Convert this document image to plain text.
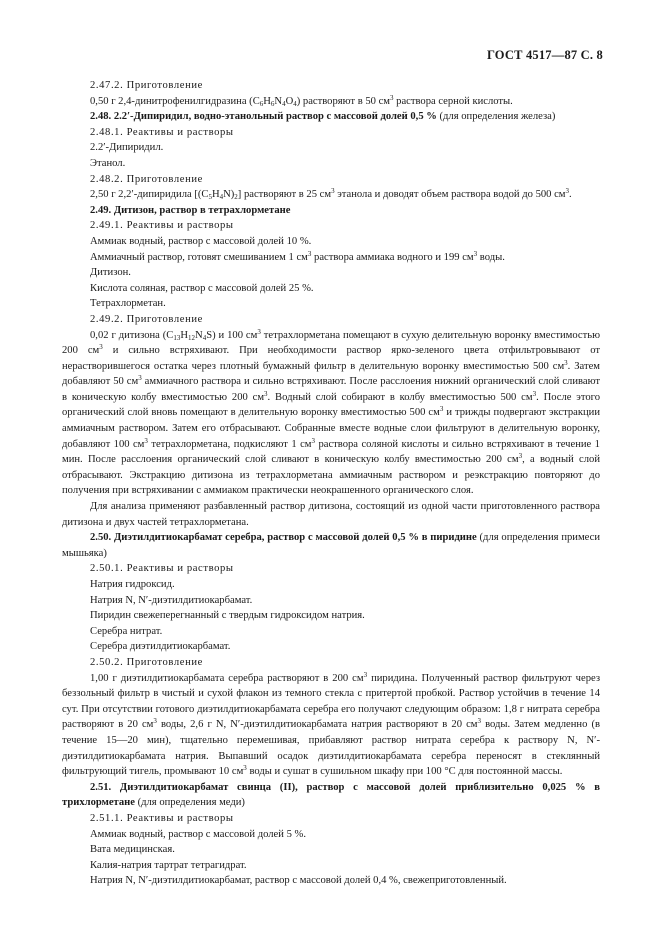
ГОСТ 4517—87 С. 8

2.47.2. Приготовление

0,50 г 2,4-динитрофенилгидразина $(C_6H_6N_4O_4)$ растворяют в 50 $см^3$ раствора серной кислоты.

2.48. 2.2′-Дипиридил, водно-этанольный раствор с массовой долей 0,5 % (для определения железа)

2.48.1. Реактивы и растворы

2.2′-Дипиридил.

Этанол.

2.48.2. Приготовление

2,50 г 2,2′-дипиридила $[(C_5H_4N)_2]$ растворяют в 25 $см^3$ этанола и доводят объем раствора водой до 500 $см^3$.

2.49. Дитизон, раствор в тетрахлорметане

2.49.1. Реактивы и растворы

Аммиак водный, раствор с массовой долей 10 %.

Аммиачный раствор, готовят смешиванием 1 $см^3$ раствора аммиака водного и 199 $см^3$ воды.

Дитизон.

Кислота соляная, раствор с массовой долей 25 %.

Тетрахлорметан.

2.49.2. Приготовление

0,02 г дитизона $(C_{13}H_{12}N_4S)$ и 100 $см^3$ тетрахлорметана помещают в сухую делительную воронку вместимостью 200 $см^3$ и сильно встряхивают. При необходимости раствор ярко-зеленого цвета отфильтровывают от нерастворившегося остатка через плотный бумажный фильтр в делительную воронку вместимостью 500 $см^3$. Затем добавляют 50 $см^3$ аммиачного раствора и сильно встряхивают. После расслоения нижний органический слой сливают в коническую колбу вместимостью 200 $см^3$. Водный слой собирают в колбу вместимостью 500 $см^3$. После этого органический слой вновь помещают в делительную воронку вместимостью 500 $см^3$ и трижды подвергают экстракции аммиачным раствором. Затем его отбрасывают. Собранные вместе водные слои фильтруют в делительную воронку, добавляют 100 $см^3$ тетрахлорметана, подкисляют 1 $см^3$ раствора соляной кислоты и сильно встряхивают в течение 1 мин. После расслоения органический слой сливают в коническую колбу вместимостью 200 $см^3$, а водный слой отбрасывают. Экстракцию дитизона из тетрахлорметана аммиачным раствором и реэкстракцию повторяют до получения при встряхивании с аммиаком практически неокрашенного органического слоя.

Для анализа применяют разбавленный раствор дитизона, состоящий из одной части приготовленного раствора дитизона и двух частей тетрахлорметана.

2.50. Диэтилдитиокарбамат серебра, раствор с массовой долей 0,5 % в пиридине (для определения примеси мышьяка)

2.50.1. Реактивы и растворы

Натрия гидроксид.

Натрия N, N′-диэтилдитиокарбамат.

Пиридин свежеперегнанный с твердым гидроксидом натрия.

Серебра нитрат.

Серебра диэтилдитиокарбамат.

2.50.2. Приготовление

1,00 г диэтилдитиокарбамата серебра растворяют в 200 $см^3$ пиридина. Полученный раствор фильтруют через беззольный фильтр в чистый и сухой флакон из темного стекла с притертой пробкой. Раствор устойчив в течение 14 сут. При отсутствии готового диэтилдитиокарбамата серебра его получают следующим образом: 1,8 г нитрата серебра растворяют в 20 $см^3$ воды, 2,6 г N, N′-диэтилдитиокарбамата натрия растворяют в 20 $см^3$ воды. Затем медленно (в течение 15—20 мин), тщательно перемешивая, прибавляют раствор нитрата серебра к раствору N, N′-диэтилдитиокарбамата натрия. Выпавший осадок диэтилдитиокарбамата серебра переносят в стеклянный фильтрующий тигель, промывают 10 $см^3$ воды и сушат в сушильном шкафу при 100 °С для постоянной массы.

2.51. Диэтилдитиокарбамат свинца (II), раствор с массовой долей приблизительно 0,025 % в трихлорметане (для определения меди)

2.51.1. Реактивы и растворы

Аммиак водный, раствор с массовой долей 5 %.

Вата медицинская.

Калия-натрия тартрат тетрагидрат.

Натрия N, N′-диэтилдитиокарбамат, раствор с массовой долей 0,4 %, свежеприготовленный.
